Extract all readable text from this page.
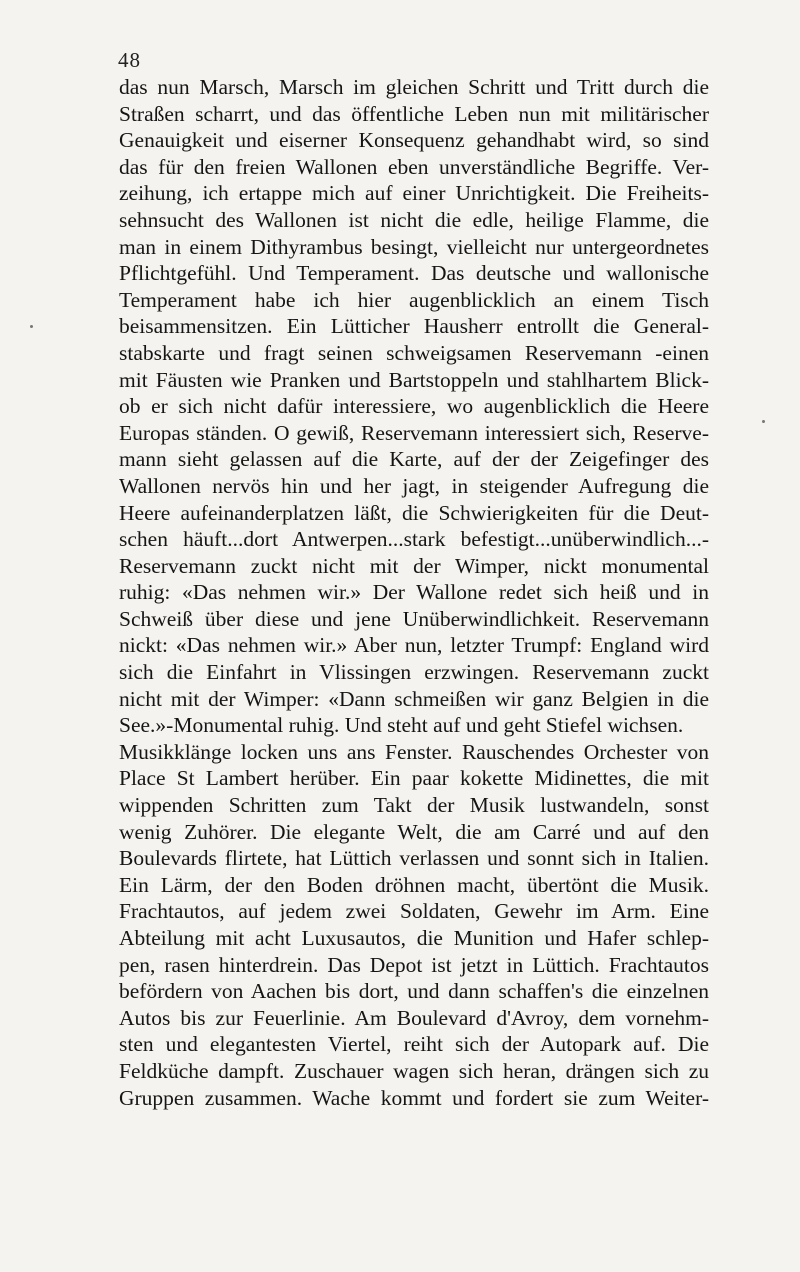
48
das nun Marsch, Marsch im gleichen Schritt und Tritt durch die
Straßen scharrt, und das öffentliche Leben nun mit militärischer
Genauigkeit und eiserner Konsequenz gehandhabt wird, so sind
das für den freien Wallonen eben unverständliche Begriffe. Ver-
zeihung, ich ertappe mich auf einer Unrichtigkeit. Die Freiheits-
sehnsucht des Wallonen ist nicht die edle, heilige Flamme, die
man in einem Dithyrambus besingt, vielleicht nur untergeordnetes
Pflichtgefühl. Und Temperament. Das deutsche und wallonische
Temperament habe ich hier augenblicklich an einem Tisch
beisammensitzen. Ein Lütticher Hausherr entrollt die General-
stabskarte und fragt seinen schweigsamen Reservemann -einen
mit Fäusten wie Pranken und Bartstoppeln und stahlhartem Blick-
ob er sich nicht dafür interessiere, wo augenblicklich die Heere
Europas ständen. O gewiß, Reservemann interessiert sich, Reserve-
mann sieht gelassen auf die Karte, auf der der Zeigefinger des
Wallonen nervös hin und her jagt, in steigender Aufregung die
Heere aufeinanderplatzen läßt, die Schwierigkeiten für die Deut-
schen häuft...dort Antwerpen...stark befestigt...unüberwindlich...-
Reservemann zuckt nicht mit der Wimper, nickt monumental
ruhig: «Das nehmen wir.» Der Wallone redet sich heiß und in
Schweiß über diese und jene Unüberwindlichkeit. Reservemann
nickt: «Das nehmen wir.» Aber nun, letzter Trumpf: England wird
sich die Einfahrt in Vlissingen erzwingen. Reservemann zuckt
nicht mit der Wimper: «Dann schmeißen wir ganz Belgien in die
See.»-Monumental ruhig. Und steht auf und geht Stiefel wichsen.
Musikklänge locken uns ans Fenster. Rauschendes Orchester von
Place St Lambert herüber. Ein paar kokette Midinettes, die mit
wippenden Schritten zum Takt der Musik lustwandeln, sonst
wenig Zuhörer. Die elegante Welt, die am Carré und auf den
Boulevards flirtete, hat Lüttich verlassen und sonnt sich in Italien.
Ein Lärm, der den Boden dröhnen macht, übertönt die Musik.
Frachtautos, auf jedem zwei Soldaten, Gewehr im Arm. Eine
Abteilung mit acht Luxusautos, die Munition und Hafer schlep-
pen, rasen hinterdrein. Das Depot ist jetzt in Lüttich. Frachtautos
befördern von Aachen bis dort, und dann schaffen's die einzelnen
Autos bis zur Feuerlinie. Am Boulevard d'Avroy, dem vornehm-
sten und elegantesten Viertel, reiht sich der Autopark auf. Die
Feldküche dampft. Zuschauer wagen sich heran, drängen sich zu
Gruppen zusammen. Wache kommt und fordert sie zum Weiter-
